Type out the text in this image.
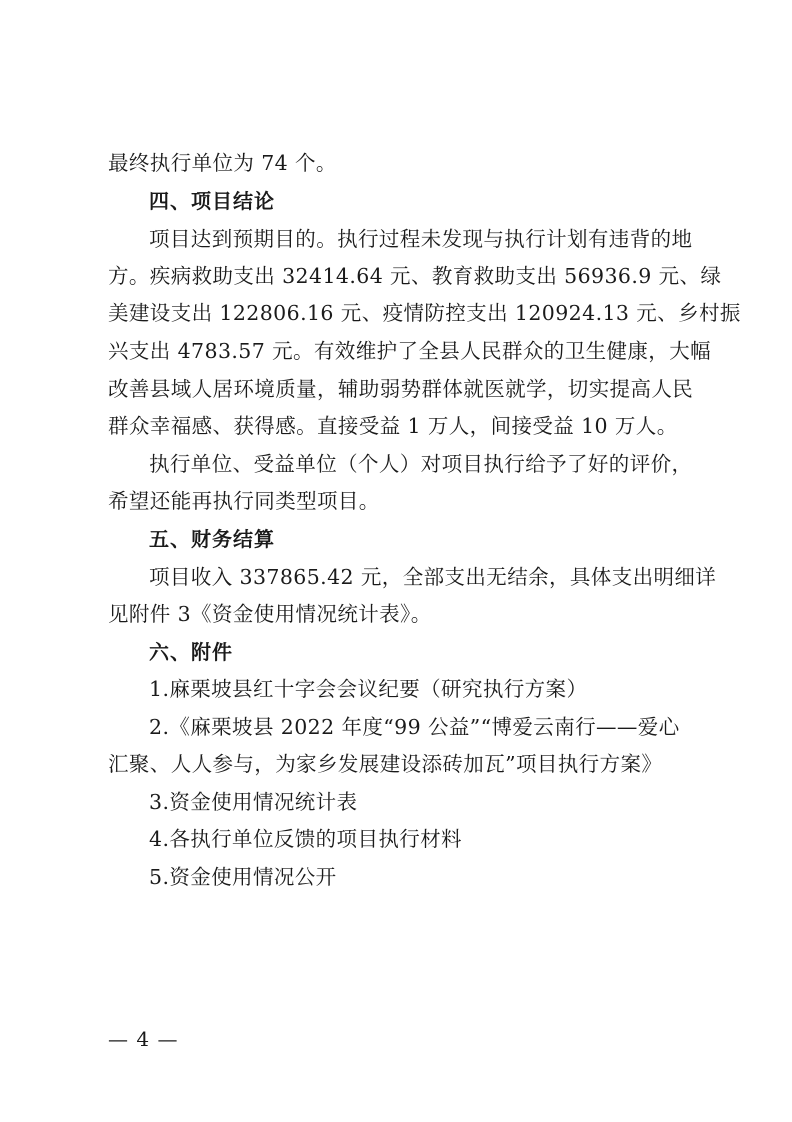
最终执行单位为 74 个。
四、项目结论
项目达到预期目的。执行过程未发现与执行计划有违背的地
方。疾病救助支出 32414.64 元、教育救助支出 56936.9 元、绿
美建设支出 122806.16 元、疫情防控支出 120924.13 元、乡村振
兴支出 4783.57 元。有效维护了全县人民群众的卫生健康，大幅
改善县域人居环境质量，辅助弱势群体就医就学，切实提高人民
群众幸福感、获得感。直接受益 1 万人，间接受益 10 万人。
执行单位、受益单位（个人）对项目执行给予了好的评价，
希望还能再执行同类型项目。
五、财务结算
项目收入 337865.42 元，全部支出无结余，具体支出明细详
见附件 3《资金使用情况统计表》。
六、附件
1.麻栗坡县红十字会会议纪要（研究执行方案）
2.《麻栗坡县 2022 年度“99 公益”“博爱云南行——爱心
汇聚、人人参与，为家乡发展建设添砖加瓦”项目执行方案》
3.资金使用情况统计表
4.各执行单位反馈的项目执行材料
5.资金使用情况公开
— 4 —
